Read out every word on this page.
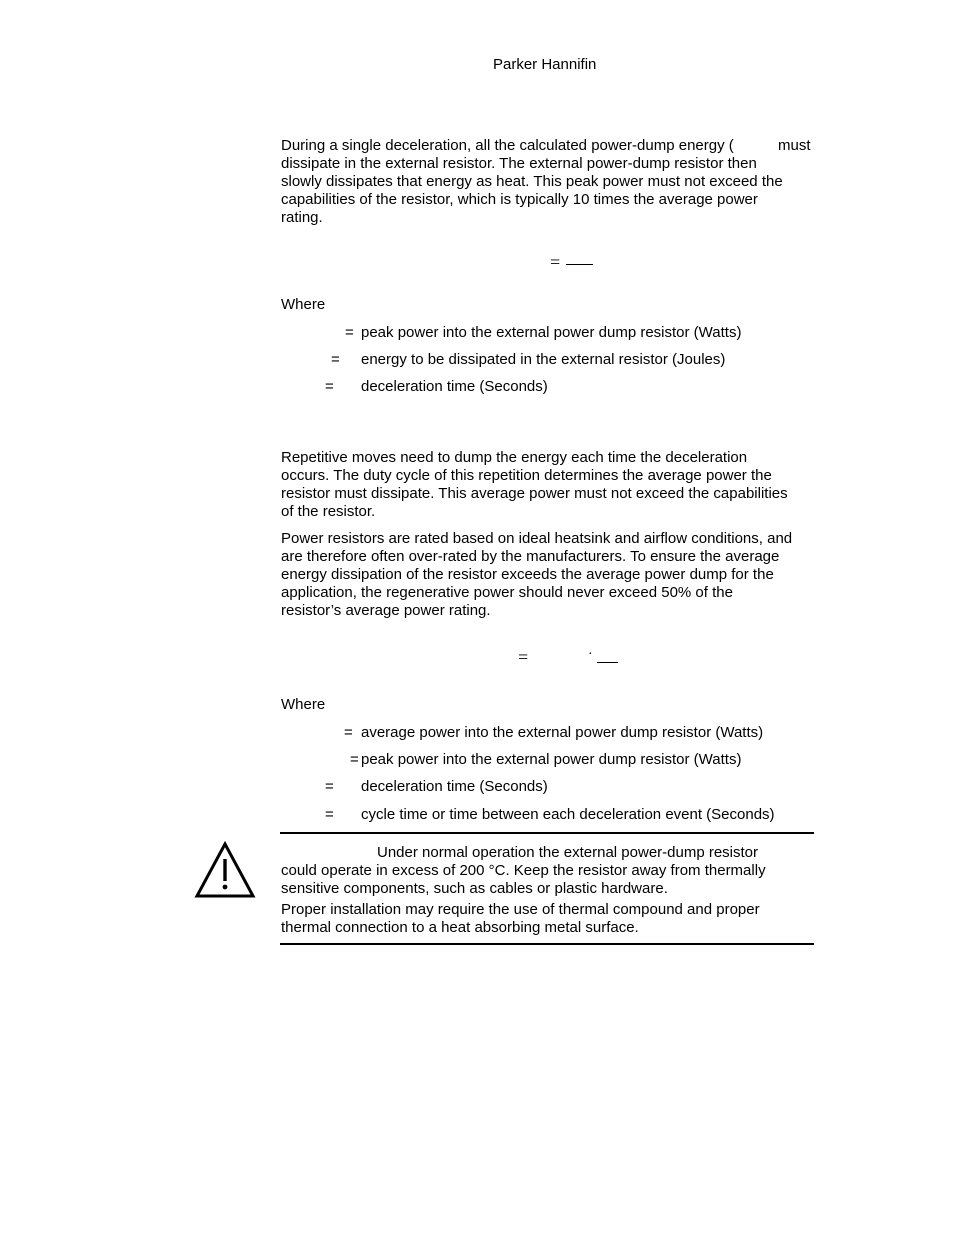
Parker Hannifin
During a single deceleration, all the calculated power-dump energy (
dissipate in the external resistor. The external power-dump resistor then
slowly dissipates that energy as heat. This peak power must not exceed the
capabilities of the resistor, which is typically 10 times the average power
rating.
must
=
Where
= peak power into the external power dump resistor (Watts)
= energy to be dissipated in the external resistor (Joules)
= deceleration time (Seconds)
Repetitive moves need to dump the energy each time the deceleration
occurs. The duty cycle of this repetition determines the average power the
resistor must dissipate. This average power must not exceed the capabilities
of the resistor.
Power resistors are rated based on ideal heatsink and airflow conditions, and
are therefore often over-rated by the manufacturers. To ensure the average
energy dissipation of the resistor exceeds the average power dump for the
application, the regenerative power should never exceed 50% of the
resistor’s average power rating.
=	·
Where
= average power into the external power dump resistor (Watts)
= peak power into the external power dump resistor (Watts)
= deceleration time (Seconds)
= cycle time or time between each deceleration event (Seconds)
Under normal operation the external power-dump resistor
could operate in excess of 200 °C. Keep the resistor away from thermally
sensitive components, such as cables or plastic hardware.
Proper installation may require the use of thermal compound and proper
thermal connection to a heat absorbing metal surface.
